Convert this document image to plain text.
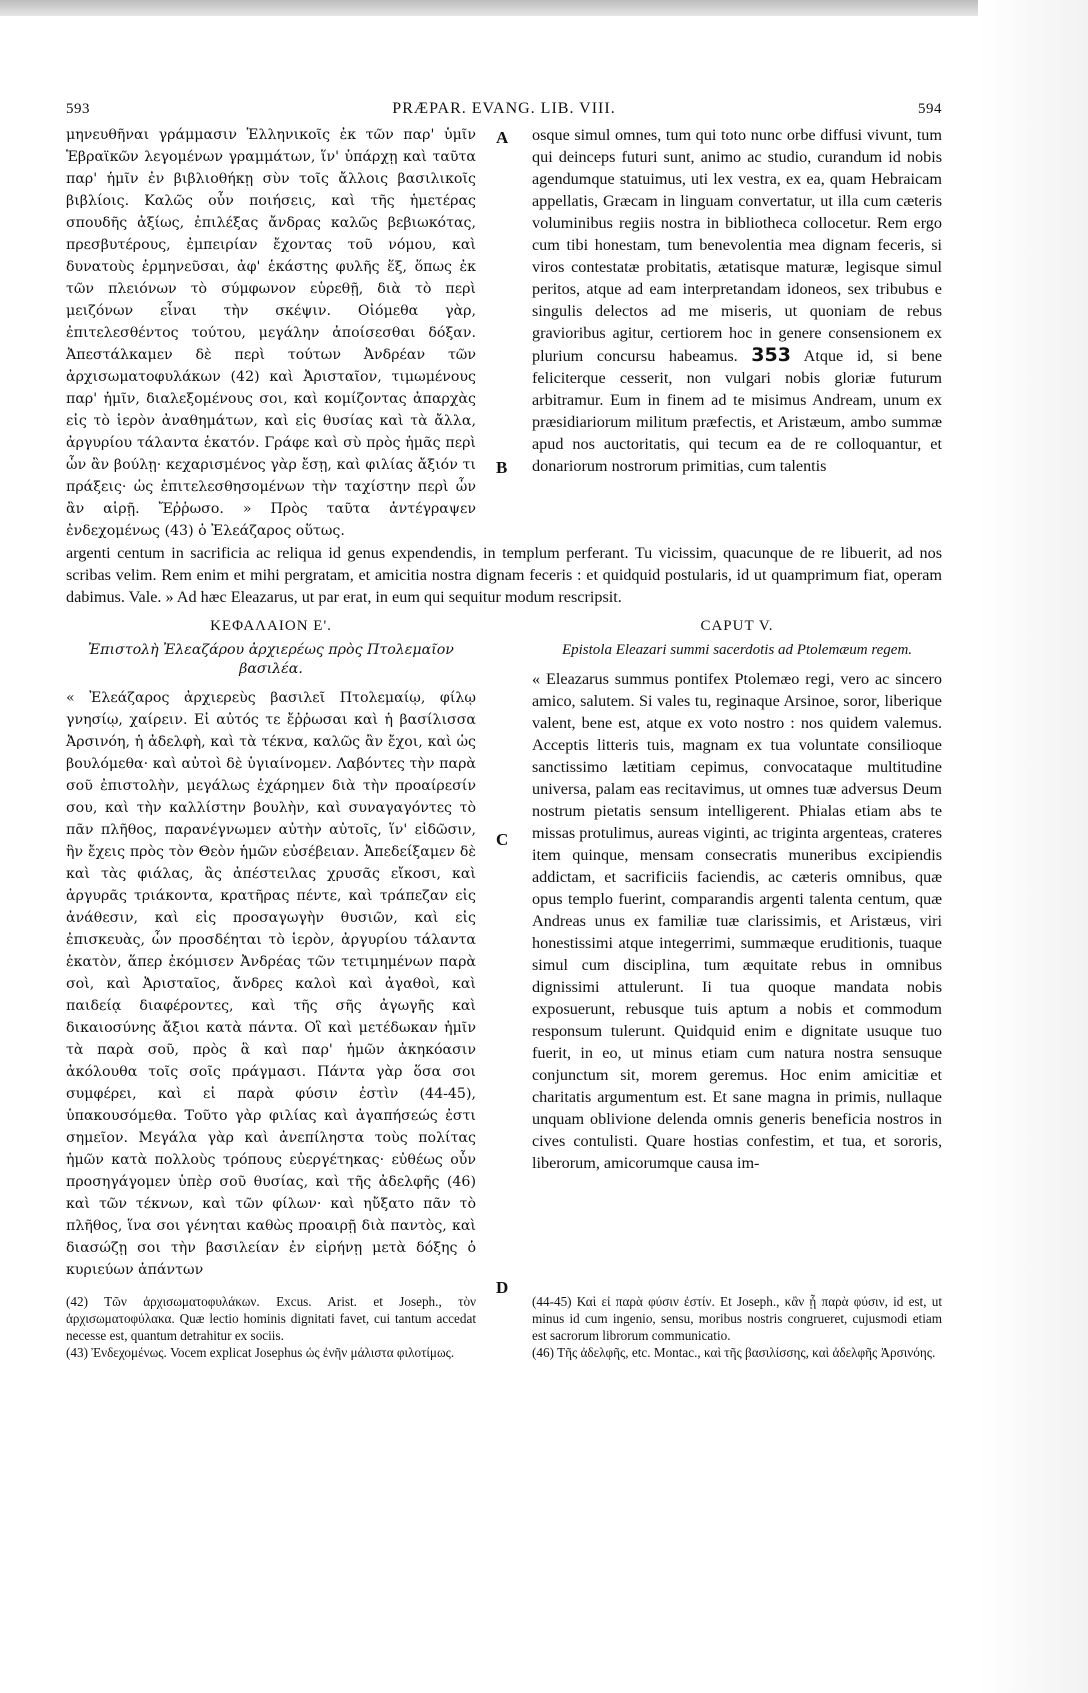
593	PRÆPAR. EVANG. LIB. VIII.	594

μηνευθῆναι γράμμασιν Ἑλληνικοῖς ἐκ τῶν παρ' ὑμῖν Ἑβραϊκῶν λεγομένων γραμμάτων, ἵν' ὑπάρχῃ καὶ ταῦτα παρ' ἡμῖν ἐν βιβλιοθήκῃ σὺν τοῖς ἄλλοις βασιλικοῖς βιβλίοις. Καλῶς οὖν ποιήσεις, καὶ τῆς ἡμετέρας σπουδῆς ἀξίως, ἐπιλέξας ἄνδρας καλῶς βεβιωκότας, πρεσβυτέρους, ἐμπειρίαν ἔχοντας τοῦ νόμου, καὶ δυνατοὺς ἑρμηνεῦσαι, ἀφ' ἑκάστης φυλῆς ἕξ, ὅπως ἐκ τῶν πλειόνων τὸ σύμφωνον εὑρεθῇ, διὰ τὸ περὶ μειζόνων εἶναι τὴν σκέψιν. Οἰόμεθα γὰρ, ἐπιτελεσθέντος τούτου, μεγάλην ἀποίσεσθαι δόξαν. Ἀπεστάλκαμεν δὲ περὶ τούτων Ἀνδρέαν τῶν ἀρχισωματοφυλάκων (42) καὶ Ἀρισταῖον, τιμωμένους παρ' ἡμῖν, διαλεξομένους σοι, καὶ κομίζοντας ἀπαρχὰς εἰς τὸ ἱερὸν ἀναθημάτων, καὶ εἰς θυσίας καὶ τὰ ἄλλα, ἀργυρίου τάλαντα ἑκατόν. Γράφε καὶ σὺ πρὸς ἡμᾶς περὶ ὧν ἂν βούλῃ· κεχαρισμένος γὰρ ἔσῃ, καὶ φιλίας ἄξιόν τι πράξεις· ὡς ἐπιτελεσθησομένων τὴν ταχίστην περὶ ὧν ἂν αἱρῇ. Ἔῤῥωσο. » Πρὸς ταῦτα ἀντέγραψεν ἐνδεχομένως (43) ὁ Ἐλεάζαρος οὕτως.

A
B

osque simul omnes, tum qui toto nunc orbe diffusi vivunt, tum qui deinceps futuri sunt, animo ac studio, curandum id nobis agendumque statuimus, uti lex vestra, ex ea, quam Hebraicam appellatis, Græcam in linguam convertatur, ut illa cum cæteris voluminibus regiis nostra in bibliotheca collocetur. Rem ergo cum tibi honestam, tum benevolentia mea dignam feceris, si viros contestatæ probitatis, ætatisque maturæ, legisque simul peritos, atque ad eam interpretandam idoneos, sex tribubus e singulis delectos ad me miseris, ut quoniam de rebus gravioribus agitur, certiorem hoc in genere consensionem ex plurium concursu habeamus. 353 Atque id, si bene feliciterque cesserit, non vulgari nobis gloriæ futurum arbitramur. Eum in finem ad te misimus Andream, unum ex præsidiariorum militum præfectis, et Aristæum, ambo summæ apud nos auctoritatis, qui tecum ea de re colloquantur, et donariorum nostrorum primitias, cum talentis

argenti centum in sacrificia ac reliqua id genus expendendis, in templum perferant. Tu vicissim, quacunque de re libuerit, ad nos scribas velim. Rem enim et mihi pergratam, et amicitia nostra dignam feceris : et quidquid postularis, id ut quamprimum fiat, operam dabimus. Vale. » Ad hæc Eleazarus, ut par erat, in eum qui sequitur modum rescripsit.

ΚΕΦΑΛΑΙΟΝ Ε'.
Ἐπιστολὴ Ἐλεαζάρου ἀρχιερέως πρὸς Πτολεμαῖον βασιλέα.

« Ἐλεάζαρος ἀρχιερεὺς βασιλεῖ Πτολεμαίῳ, φίλῳ γνησίῳ, χαίρειν. Εἰ αὐτός τε ἔῤῥωσαι καὶ ἡ βασίλισσα Ἀρσινόη, ἡ ἀδελφὴ, καὶ τὰ τέκνα, καλῶς ἂν ἔχοι, καὶ ὡς βουλόμεθα· καὶ αὐτοὶ δὲ ὑγιαίνομεν. Λαβόντες τὴν παρὰ σοῦ ἐπιστολὴν, μεγάλως ἐχάρημεν διὰ τὴν προαίρεσίν σου, καὶ τὴν καλλίστην βουλὴν, καὶ συναγαγόντες τὸ πᾶν πλῆθος, παρανέγνωμεν αὐτὴν αὐτοῖς, ἵν' εἰδῶσιν, ἣν ἔχεις πρὸς τὸν Θεὸν ἡμῶν εὐσέβειαν. Ἀπεδείξαμεν δὲ καὶ τὰς φιάλας, ἃς ἀπέστειλας χρυσᾶς εἴκοσι, καὶ ἀργυρᾶς τριάκοντα, κρατῆρας πέντε, καὶ τράπεζαν εἰς ἀνάθεσιν, καὶ εἰς προσαγωγὴν θυσιῶν, καὶ εἰς ἐπισκευὰς, ὧν προσδέηται τὸ ἱερὸν, ἀργυρίου τάλαντα ἑκατὸν, ἅπερ ἐκόμισεν Ἀνδρέας τῶν τετιμημένων παρὰ σοὶ, καὶ Ἀρισταῖος, ἄνδρες καλοὶ καὶ ἀγαθοὶ, καὶ παιδείᾳ διαφέροντες, καὶ τῆς σῆς ἀγωγῆς καὶ δικαιοσύνης ἄξιοι κατὰ πάντα. Οἳ καὶ μετέδωκαν ἡμῖν τὰ παρὰ σοῦ, πρὸς ἃ καὶ παρ' ἡμῶν ἀκηκόασιν ἀκόλουθα τοῖς σοῖς πράγμασι. Πάντα γὰρ ὅσα σοι συμφέρει, καὶ εἰ παρὰ φύσιν ἐστὶν (44-45), ὑπακουσόμεθα. Τοῦτο γὰρ φιλίας καὶ ἀγαπήσεώς ἐστι σημεῖον. Μεγάλα γὰρ καὶ ἀνεπίληστα τοὺς πολίτας ἡμῶν κατὰ πολλοὺς τρόπους εὐεργέτηκας· εὐθέως οὖν προσηγάγομεν ὑπὲρ σοῦ θυσίας, καὶ τῆς ἀδελφῆς (46) καὶ τῶν τέκνων, καὶ τῶν φίλων· καὶ ηὔξατο πᾶν τὸ πλῆθος, ἵνα σοι γένηται καθὼς προαιρῇ διὰ παντὸς, καὶ διασώζῃ σοι τὴν βασιλείαν ἐν εἰρήνῃ μετὰ δόξης ὁ κυριεύων ἁπάντων

C
D
CAPUT V.
Epistola Eleazari summi sacerdotis ad Ptolemæum regem.

« Eleazarus summus pontifex Ptolemæo regi, vero ac sincero amico, salutem. Si vales tu, reginaque Arsinoe, soror, liberique valent, bene est, atque ex voto nostro : nos quidem valemus. Acceptis litteris tuis, magnam ex tua voluntate consilioque sanctissimo lætitiam cepimus, convocataque multitudine universa, palam eas recitavimus, ut omnes tuæ adversus Deum nostrum pietatis sensum intelligerent. Phialas etiam abs te missas protulimus, aureas viginti, ac triginta argenteas, crateres item quinque, mensam consecratis muneribus excipiendis addictam, et sacrificiis faciendis, ac cæteris omnibus, quæ opus templo fuerint, comparandis argenti talenta centum, quæ Andreas unus ex familiæ tuæ clarissimis, et Aristæus, viri honestissimi atque integerrimi, summæque eruditionis, tuaque simul cum disciplina, tum æquitate rebus in omnibus dignissimi attulerunt. Ii tua quoque mandata nobis exposuerunt, rebusque tuis aptum a nobis et commodum responsum tulerunt. Quidquid enim e dignitate usuque tuo fuerit, in eo, ut minus etiam cum natura nostra sensuque conjunctum sit, morem geremus. Hoc enim amicitiæ et charitatis argumentum est. Et sane magna in primis, nullaque unquam oblivione delenda omnis generis beneficia nostros in cives contulisti. Quare hostias confestim, et tua, et sororis, liberorum, amicorumque causa im-

(42) Τῶν ἀρχισωματοφυλάκων. Excus. Arist. et Joseph., τὸν ἀρχισωματοφύλακα. Quæ lectio hominis dignitati favet, cui tantum accedat necesse est, quantum detrahitur ex sociis.

(43) Ἐνδεχομένως. Vocem explicat Josephus ὡς ἐνῆν μάλιστα φιλοτίμως.

(44-45) Καὶ εἰ παρὰ φύσιν ἐστίν. Et Joseph., κἂν ᾖ παρὰ φύσιν, id est, ut minus id cum ingenio, sensu, moribus nostris congrueret, cujusmodi etiam est sacrorum librorum communicatio.

(46) Τῆς ἀδελφῆς, etc. Montac., καὶ τῆς βασιλίσσης, καὶ ἀδελφῆς Ἀρσινόης.
